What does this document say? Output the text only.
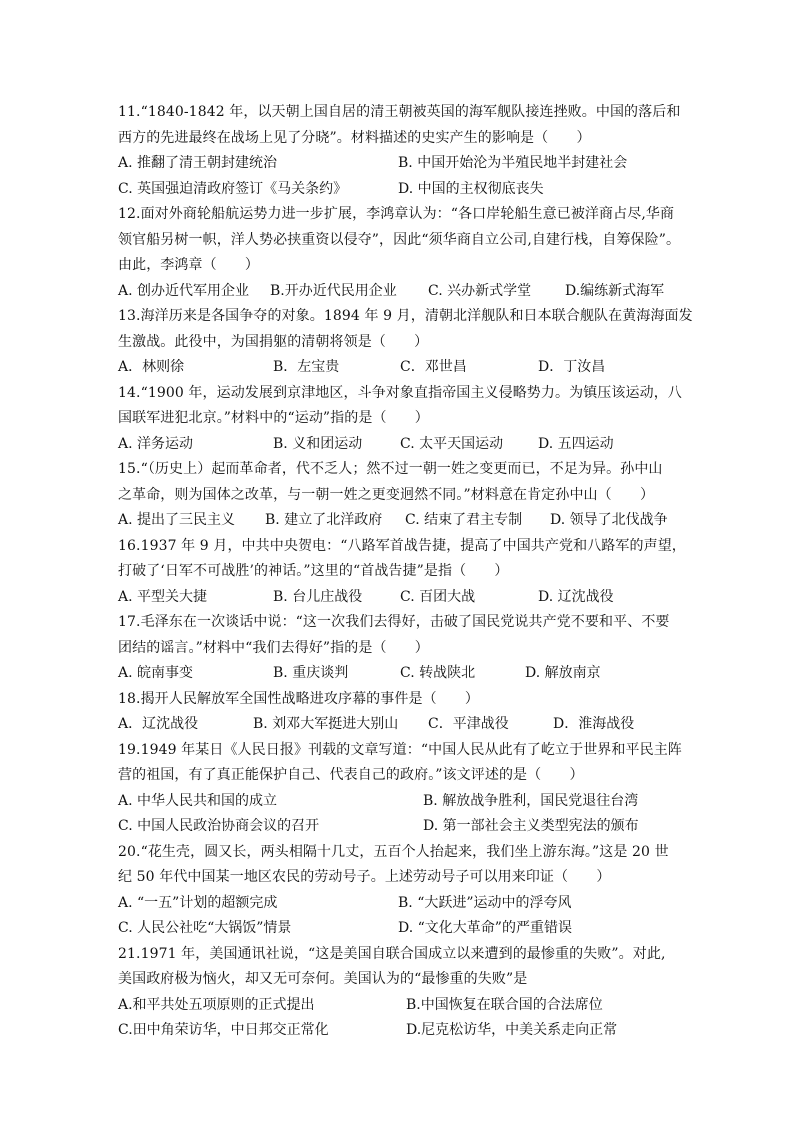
11.“1840-1842 年，以天朝上国自居的清王朝被英国的海军舰队接连挫败。中国的落后和
西方的先进最终在战场上见了分晓”。材料描述的史实产生的影响是（　　）
A. 推翻了清王朝封建统治	B. 中国开始沦为半殖民地半封建社会
C. 英国强迫清政府签订《马关条约》	D. 中国的主权彻底丧失
12.面对外商轮船航运势力进一步扩展，李鸿章认为：“各口岸轮船生意已被洋商占尽,华商
领官船另树一帜，洋人势必挟重资以侵夺”，因此“须华商自立公司,自建行栈，自筹保险”。
由此，李鸿章（　　）
A. 创办近代军用企业 B.开办近代民用企业 C. 兴办新式学堂 D.编练新式海军
13.海洋历来是各国争夺的对象。1894 年 9 月，清朝北洋舰队和日本联合舰队在黄海海面发
生激战。此役中，为国捐躯的清朝将领是（　　）
A．林则徐	B．左宝贵	C．邓世昌	D．丁汝昌
14.“1900 年，运动发展到京津地区，斗争对象直指帝国主义侵略势力。为镇压该运动，八
国联军进犯北京。”材料中的“运动”指的是（　　）
A. 洋务运动	B. 义和团运动	C. 太平天国运动 D. 五四运动
15.“（历史上）起而革命者，代不乏人；然不过一朝一姓之变更而已，不足为异。孙中山
之革命，则为国体之改革，与一朝一姓之更变迥然不同。”材料意在肯定孙中山（　　）
A. 提出了三民主义 B. 建立了北洋政府 C. 结束了君主专制 D. 领导了北伐战争
16.1937 年 9 月，中共中央贺电：“八路军首战告捷，提高了中国共产党和八路军的声望，
打破了‘日军不可战胜’的神话。”这里的“首战告捷”是指（　　）
A. 平型关大捷	B. 台儿庄战役	C. 百团大战	D. 辽沈战役
17.毛泽东在一次谈话中说：“这一次我们去得好，击破了国民党说共产党不要和平、不要
团结的谣言。”材料中“我们去得好”指的是（　　）
A. 皖南事变	B. 重庆谈判	C. 转战陕北	D. 解放南京
18.揭开人民解放军全国性战略进攻序幕的事件是（　　）
A．辽沈战役	B. 刘邓大军挺进大别山 C．平津战役	D．淮海战役
19.1949 年某日《人民日报》刊载的文章写道：“中国人民从此有了屹立于世界和平民主阵
营的祖国，有了真正能保护自己、代表自己的政府。”该文评述的是（　　）
A. 中华人民共和国的成立	B. 解放战争胜利，国民党退往台湾
C. 中国人民政治协商会议的召开	D. 第一部社会主义类型宪法的颁布
20.“花生壳，圆又长，两头相隔十几丈，五百个人抬起来，我们坐上游东海。”这是 20 世
纪 50 年代中国某一地区农民的劳动号子。上述劳动号子可以用来印证（　　）
A. “一五”计划的超额完成	B. “大跃进”运动中的浮夸风
C. 人民公社吃“大锅饭”情景	D. “文化大革命”的严重错误
21.1971 年，美国通讯社说，“这是美国自联合国成立以来遭到的最惨重的失败”。对此,
美国政府极为恼火，却又无可奈何。美国认为的“最惨重的失败”是
A.和平共处五项原则的正式提出	B.中国恢复在联合国的合法席位
C.田中角荣访华，中日邦交正常化	D.尼克松访华，中美关系走向正常
